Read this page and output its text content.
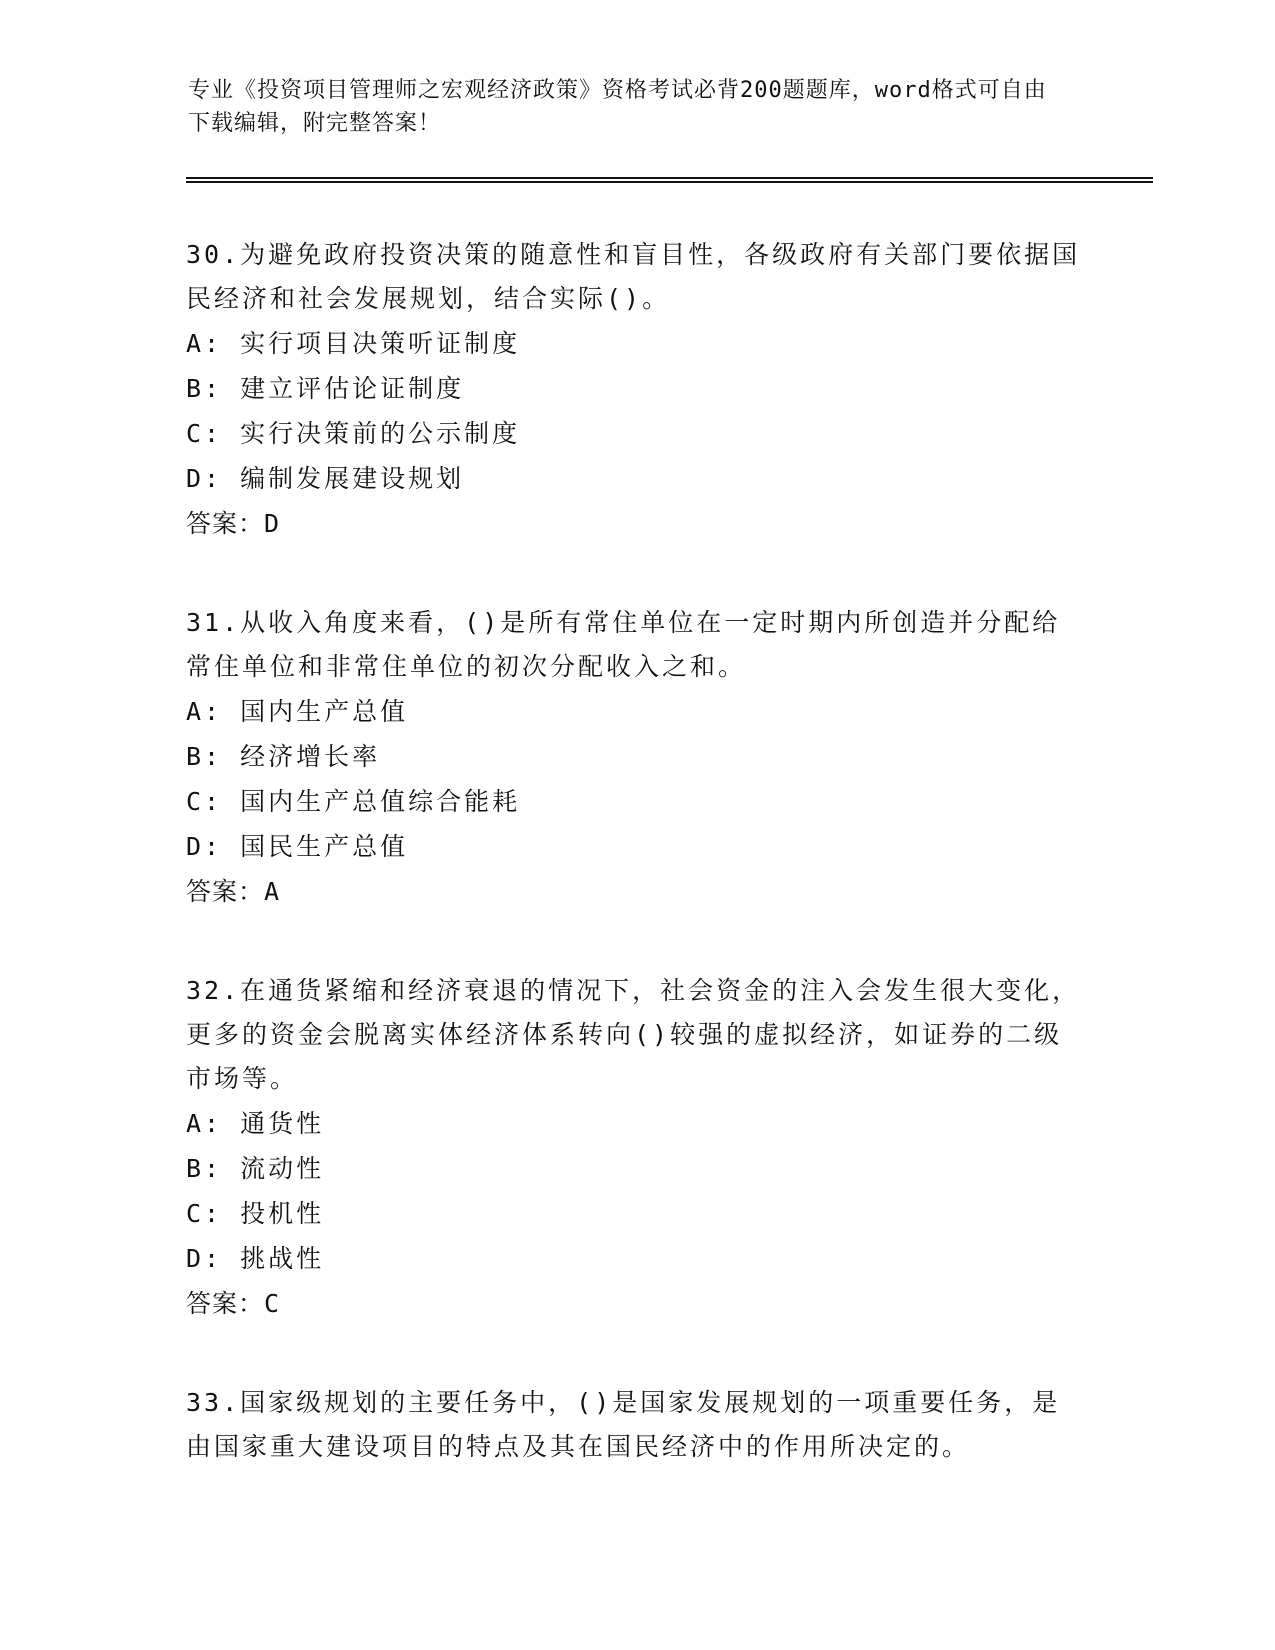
专业《投资项目管理师之宏观经济政策》资格考试必背200题题库，word格式可自由下载编辑，附完整答案！

30.为避免政府投资决策的随意性和盲目性，各级政府有关部门要依据国民经济和社会发展规划，结合实际()。

A: 实行项目决策听证制度

B: 建立评估论证制度

C: 实行决策前的公示制度

D: 编制发展建设规划

答案：D

31.从收入角度来看，()是所有常住单位在一定时期内所创造并分配给常住单位和非常住单位的初次分配收入之和。

A: 国内生产总值

B: 经济增长率

C: 国内生产总值综合能耗

D: 国民生产总值

答案：A

32.在通货紧缩和经济衰退的情况下，社会资金的注入会发生很大变化，更多的资金会脱离实体经济体系转向()较强的虚拟经济，如证券的二级市场等。

A: 通货性

B: 流动性

C: 投机性

D: 挑战性

答案：C

33.国家级规划的主要任务中，()是国家发展规划的一项重要任务，是由国家重大建设项目的特点及其在国民经济中的作用所决定的。
